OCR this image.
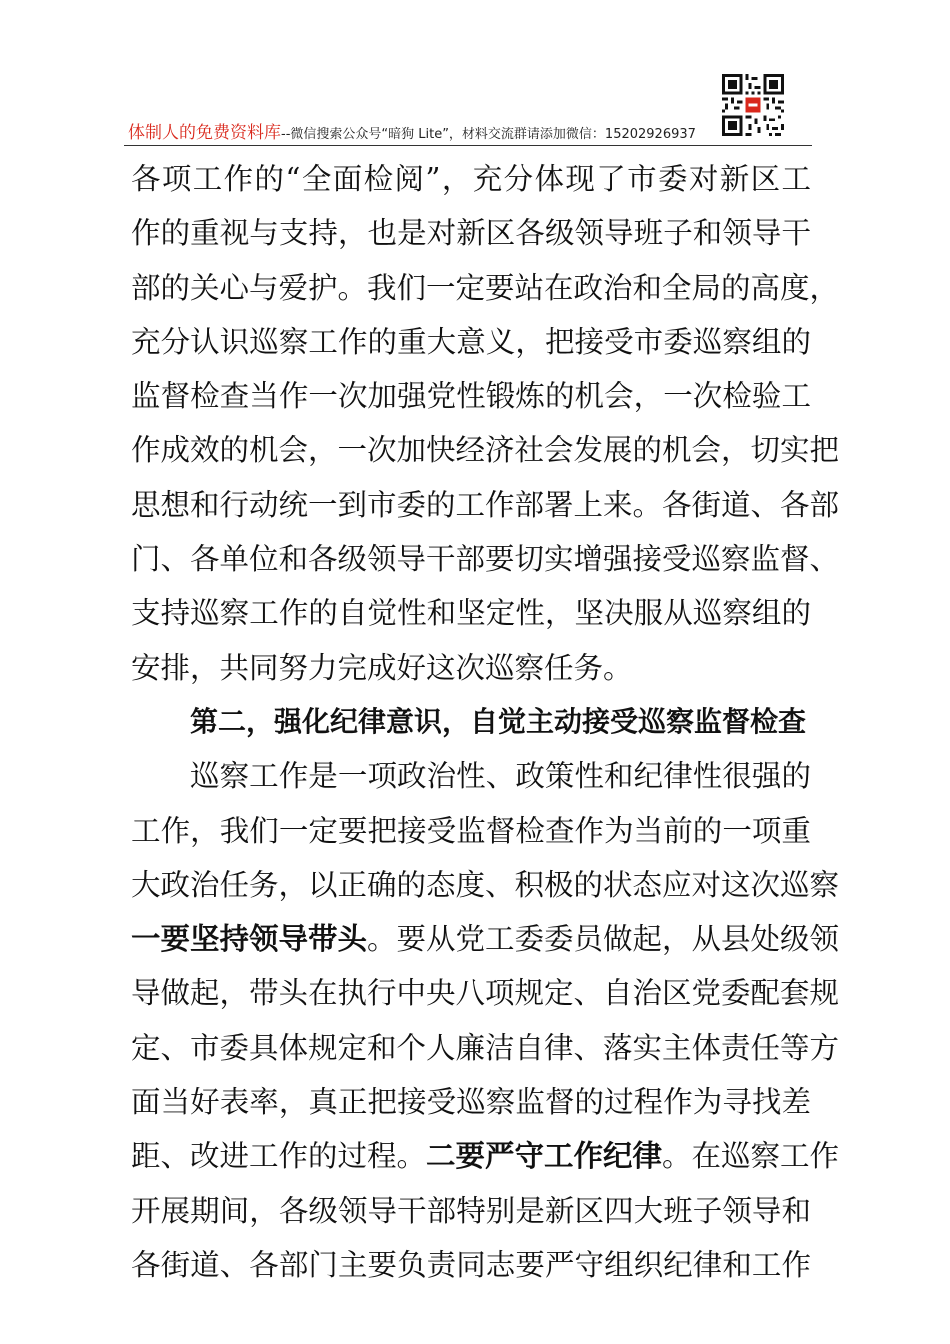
体制人的免费资料库--微信搜索公众号“暗狗 Lite”，材料交流群请添加微信：15202926937
各项工作的“全面检阅”，充分体现了市委对新区工
作的重视与支持，也是对新区各级领导班子和领导干
部的关心与爱护。我们一定要站在政治和全局的高度，
充分认识巡察工作的重大意义，把接受市委巡察组的
监督检查当作一次加强党性锻炼的机会，一次检验工
作成效的机会，一次加快经济社会发展的机会，切实把
思想和行动统一到市委的工作部署上来。各街道、各部
门、各单位和各级领导干部要切实增强接受巡察监督、
支持巡察工作的自觉性和坚定性，坚决服从巡察组的
安排，共同努力完成好这次巡察任务。
第二，强化纪律意识，自觉主动接受巡察监督检查
巡察工作是一项政治性、政策性和纪律性很强的
工作，我们一定要把接受监督检查作为当前的一项重
大政治任务，以正确的态度、积极的状态应对这次巡察
一要坚持领导带头。要从党工委委员做起，从县处级领
导做起，带头在执行中央八项规定、自治区党委配套规
定、市委具体规定和个人廉洁自律、落实主体责任等方
面当好表率，真正把接受巡察监督的过程作为寻找差
距、改进工作的过程。二要严守工作纪律。在巡察工作
开展期间，各级领导干部特别是新区四大班子领导和
各街道、各部门主要负责同志要严守组织纪律和工作
